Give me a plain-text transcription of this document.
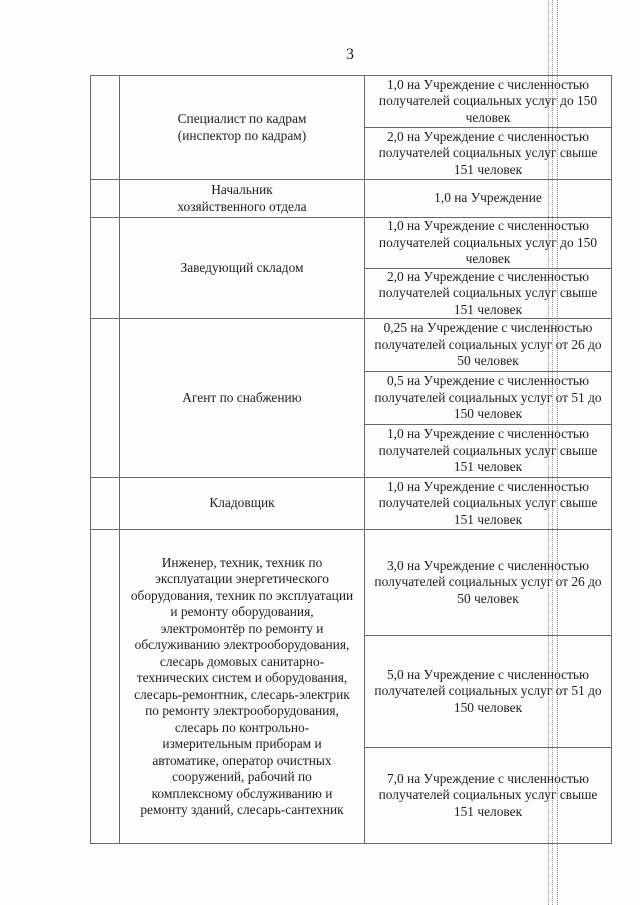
3

	Специалист по кадрам (инспектор по кадрам)	1,0 на Учреждение с численностью получателей социальных услуг до 150 человек
		2,0 на Учреждение с численностью получателей социальных услуг свыше 151 человек

	Начальник хозяйственного отдела	1,0 на Учреждение

	Заведующий складом	1,0 на Учреждение с численностью получателей социальных услуг до 150 человек
		2,0 на Учреждение с численностью получателей социальных услуг свыше 151 человек

	Агент по снабжению	0,25 на Учреждение с численностью получателей социальных услуг от 26 до 50 человек
		0,5 на Учреждение с численностью получателей социальных услуг от 51 до 150 человек
		1,0 на Учреждение с численностью получателей социальных услуг свыше 151 человек

	Кладовщик	1,0 на Учреждение с численностью получателей социальных услуг свыше 151 человек

	Инженер, техник, техник по эксплуатации энергетического оборудования, техник по эксплуатации и ремонту оборудования, электромонтёр по ремонту и обслуживанию электрооборудования, слесарь домовых санитарно-технических систем и оборудования, слесарь-ремонтник, слесарь-электрик по ремонту электрооборудования, слесарь по контрольно-измерительным приборам и автоматике, оператор очистных сооружений, рабочий по комплексному обслуживанию и ремонту зданий, слесарь-сантехник	3,0 на Учреждение с численностью получателей социальных услуг от 26 до 50 человек
		5,0 на Учреждение с численностью получателей социальных услуг от 51 до 150 человек
		7,0 на Учреждение с численностью получателей социальных услуг свыше 151 человек
